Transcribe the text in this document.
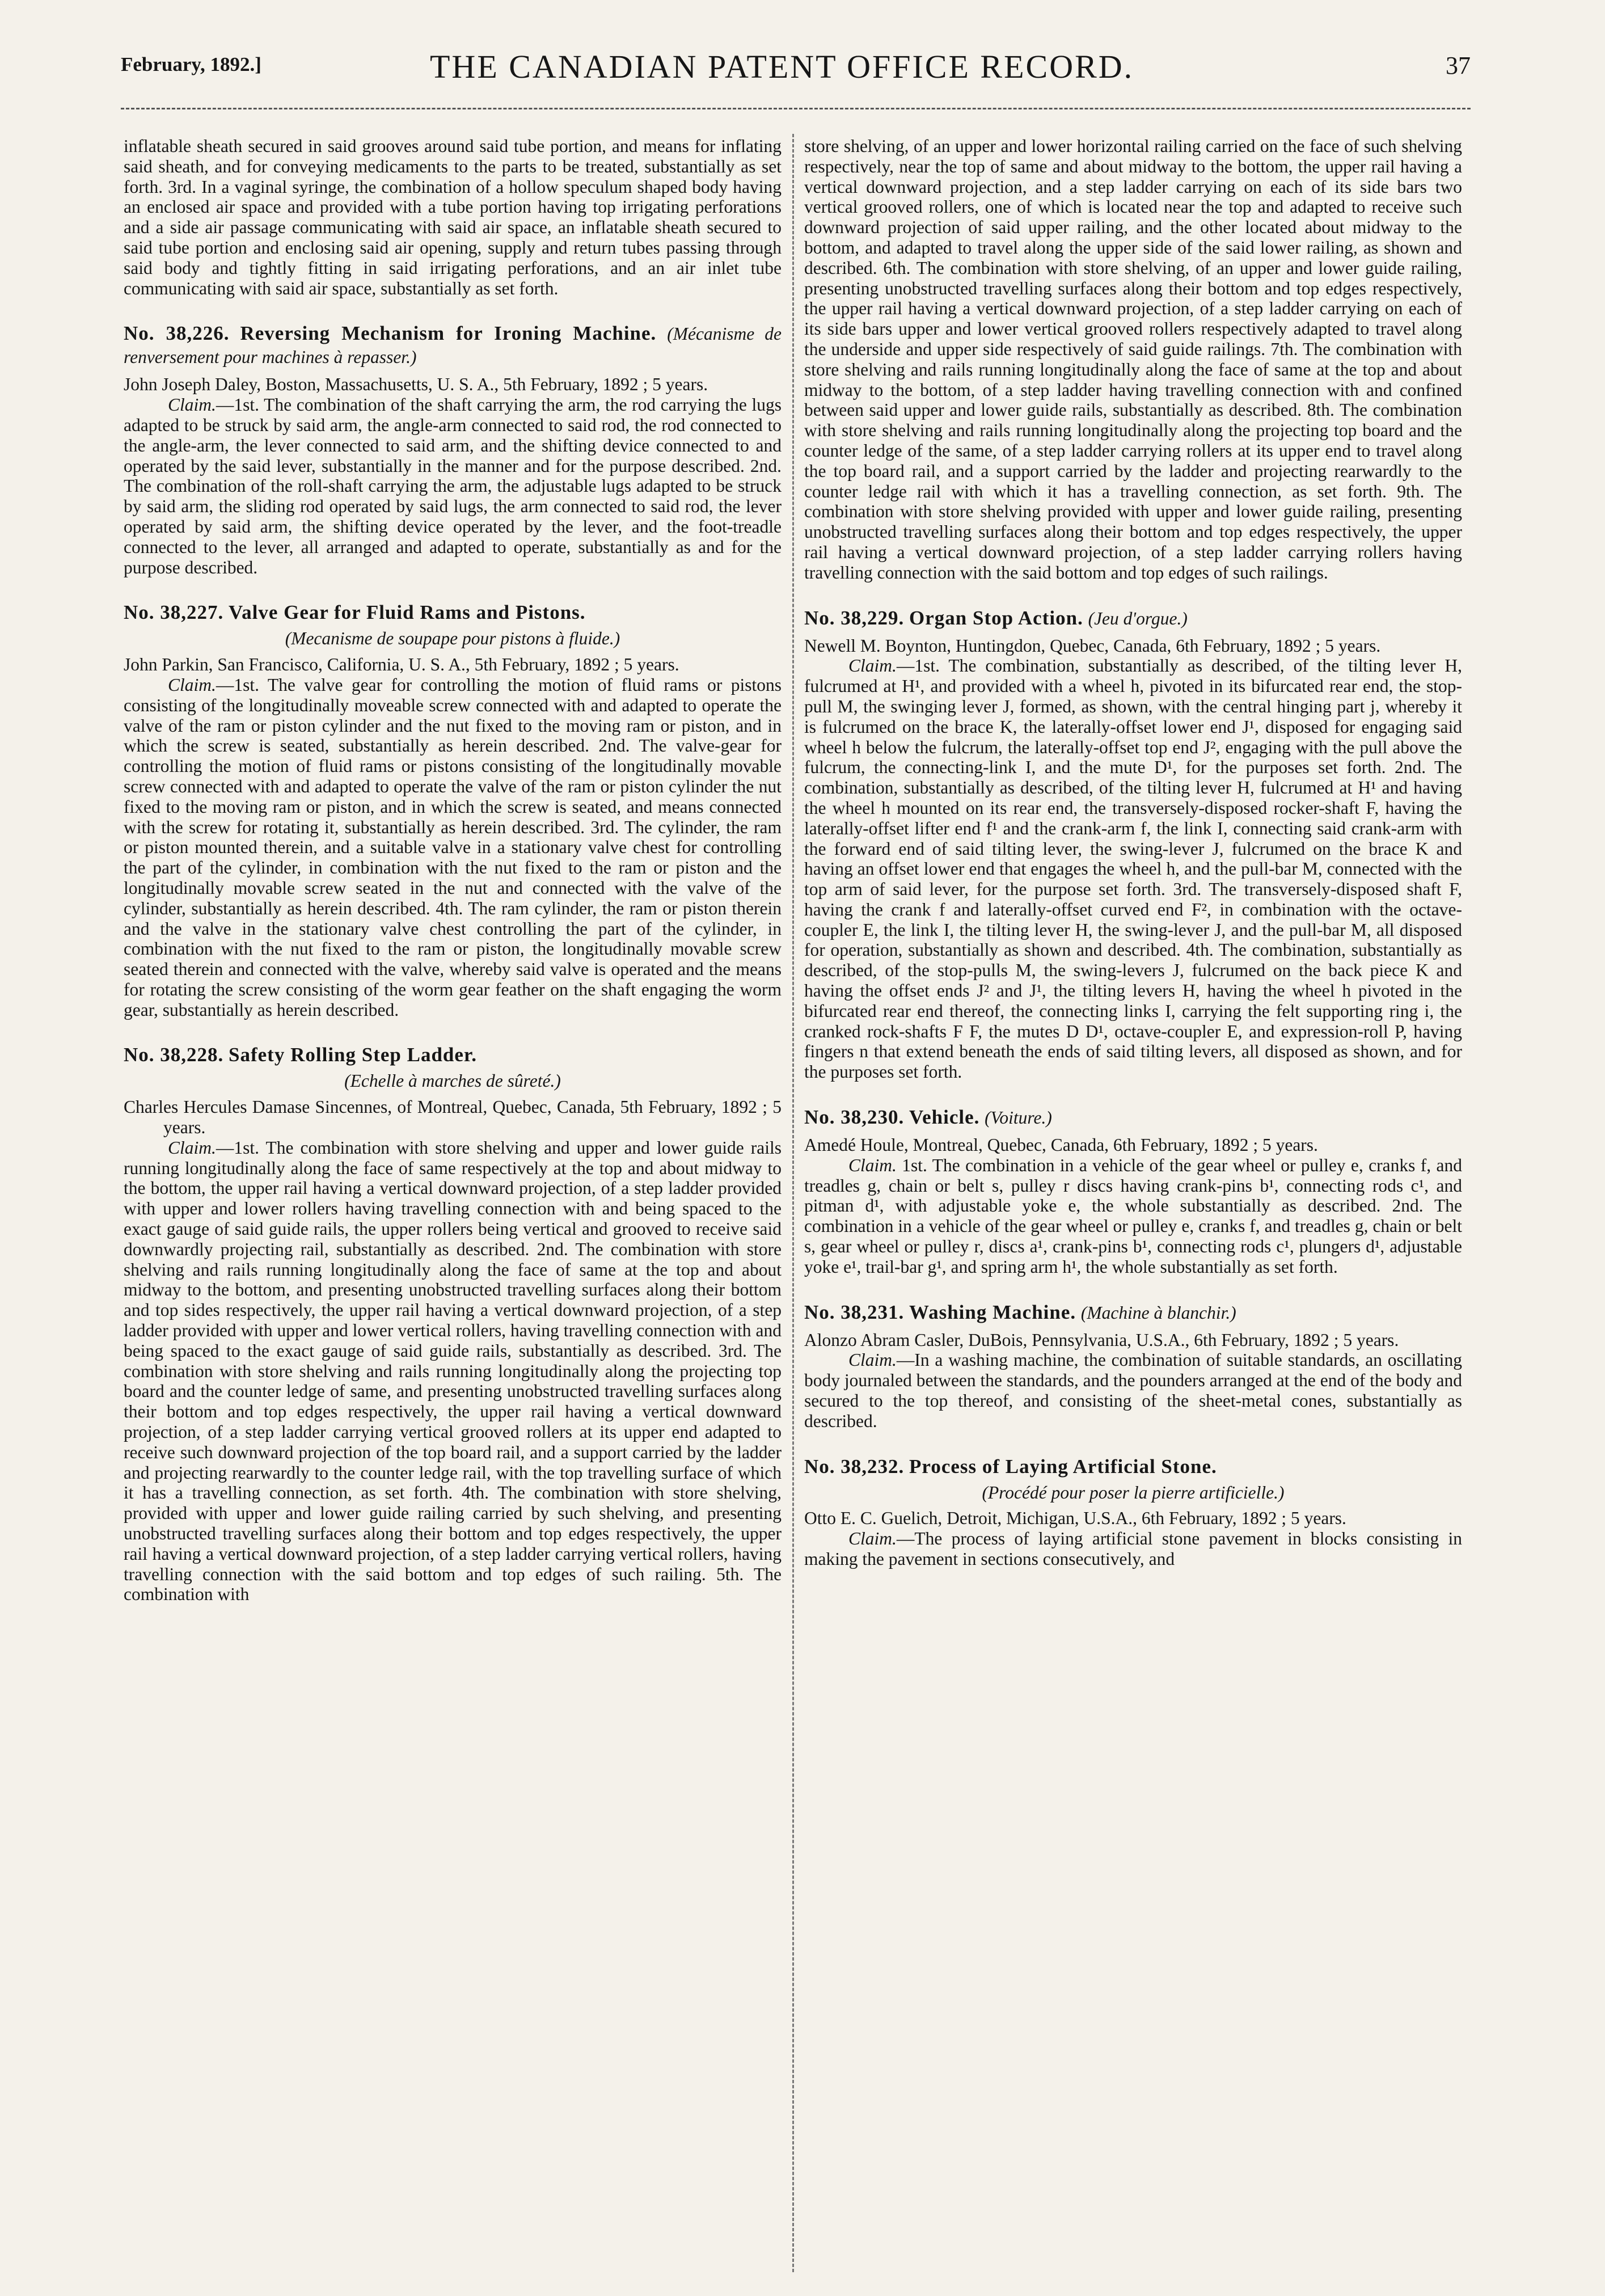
February, 1892.]	THE CANADIAN PATENT OFFICE RECORD.	37

inflatable sheath secured in said grooves around said tube portion, and means for inflating said sheath, and for conveying medicaments to the parts to be treated, substantially as set forth. 3rd. In a vaginal syringe, the combination of a hollow speculum shaped body having an enclosed air space and provided with a tube portion having top irrigating perforations and a side air passage communicating with said air space, an inflatable sheath secured to said tube portion and enclosing said air opening, supply and return tubes passing through said body and tightly fitting in said irrigating perforations, and an air inlet tube communicating with said air space, substantially as set forth.

No. 38,226. Reversing Mechanism for Ironing Machine. (Mécanisme de renversement pour machines à repasser.)

John Joseph Daley, Boston, Massachusetts, U. S. A., 5th February, 1892 ; 5 years.

Claim.—1st. The combination of the shaft carrying the arm, the rod carrying the lugs adapted to be struck by said arm, the angle-arm connected to said rod, the rod connected to the angle-arm, the lever connected to said arm, and the shifting device connected to and operated by the said lever, substantially in the manner and for the purpose described. 2nd. The combination of the roll-shaft carrying the arm, the adjustable lugs adapted to be struck by said arm, the sliding rod operated by said lugs, the arm connected to said rod, the lever operated by said arm, the shifting device operated by the lever, and the foot-treadle connected to the lever, all arranged and adapted to operate, substantially as and for the purpose described.

No. 38,227. Valve Gear for Fluid Rams and Pistons.

(Mecanisme de soupape pour pistons à fluide.)

John Parkin, San Francisco, California, U. S. A., 5th February, 1892 ; 5 years.

Claim.—1st. The valve gear for controlling the motion of fluid rams or pistons consisting of the longitudinally moveable screw connected with and adapted to operate the valve of the ram or piston cylinder and the nut fixed to the moving ram or piston, and in which the screw is seated, substantially as herein described. 2nd. The valve-gear for controlling the motion of fluid rams or pistons consisting of the longitudinally movable screw connected with and adapted to operate the valve of the ram or piston cylinder the nut fixed to the moving ram or piston, and in which the screw is seated, and means connected with the screw for rotating it, substantially as herein described. 3rd. The cylinder, the ram or piston mounted therein, and a suitable valve in a stationary valve chest for controlling the part of the cylinder, in combination with the nut fixed to the ram or piston and the longitudinally movable screw seated in the nut and connected with the valve of the cylinder, substantially as herein described. 4th. The ram cylinder, the ram or piston therein and the valve in the stationary valve chest controlling the part of the cylinder, in combination with the nut fixed to the ram or piston, the longitudinally movable screw seated therein and connected with the valve, whereby said valve is operated and the means for rotating the screw consisting of the worm gear feather on the shaft engaging the worm gear, substantially as herein described.

No. 38,228. Safety Rolling Step Ladder.

(Echelle à marches de sûreté.)

Charles Hercules Damase Sincennes, of Montreal, Quebec, Canada, 5th February, 1892 ; 5 years.

Claim.—1st. The combination with store shelving and upper and lower guide rails running longitudinally along the face of same respectively at the top and about midway to the bottom, the upper rail having a vertical downward projection, of a step ladder provided with upper and lower rollers having travelling connection with and being spaced to the exact gauge of said guide rails, the upper rollers being vertical and grooved to receive said downwardly projecting rail, substantially as described. 2nd. The combination with store shelving and rails running longitudinally along the face of same at the top and about midway to the bottom, and presenting unobstructed travelling surfaces along their bottom and top sides respectively, the upper rail having a vertical downward projection, of a step ladder provided with upper and lower vertical rollers, having travelling connection with and being spaced to the exact gauge of said guide rails, substantially as described. 3rd. The combination with store shelving and rails running longitudinally along the projecting top board and the counter ledge of same, and presenting unobstructed travelling surfaces along their bottom and top edges respectively, the upper rail having a vertical downward projection, of a step ladder carrying vertical grooved rollers at its upper end adapted to receive such downward projection of the top board rail, and a support carried by the ladder and projecting rearwardly to the counter ledge rail, with the top travelling surface of which it has a travelling connection, as set forth. 4th. The combination with store shelving, provided with upper and lower guide railing carried by such shelving, and presenting unobstructed travelling surfaces along their bottom and top edges respectively, the upper rail having a vertical downward projection, of a step ladder carrying vertical rollers, having travelling connection with the said bottom and top edges of such railing. 5th. The combination with

store shelving, of an upper and lower horizontal railing carried on the face of such shelving respectively, near the top of same and about midway to the bottom, the upper rail having a vertical downward projection, and a step ladder carrying on each of its side bars two vertical grooved rollers, one of which is located near the top and adapted to receive such downward projection of said upper railing, and the other located about midway to the bottom, and adapted to travel along the upper side of the said lower railing, as shown and described. 6th. The combination with store shelving, of an upper and lower guide railing, presenting unobstructed travelling surfaces along their bottom and top edges respectively, the upper rail having a vertical downward projection, of a step ladder carrying on each of its side bars upper and lower vertical grooved rollers respectively adapted to travel along the underside and upper side respectively of said guide railings. 7th. The combination with store shelving and rails running longitudinally along the face of same at the top and about midway to the bottom, of a step ladder having travelling connection with and confined between said upper and lower guide rails, substantially as described. 8th. The combination with store shelving and rails running longitudinally along the projecting top board and the counter ledge of the same, of a step ladder carrying rollers at its upper end to travel along the top board rail, and a support carried by the ladder and projecting rearwardly to the counter ledge rail with which it has a travelling connection, as set forth. 9th. The combination with store shelving provided with upper and lower guide railing, presenting unobstructed travelling surfaces along their bottom and top edges respectively, the upper rail having a vertical downward projection, of a step ladder carrying rollers having travelling connection with the said bottom and top edges of such railings.

No. 38,229. Organ Stop Action. (Jeu d'orgue.)

Newell M. Boynton, Huntingdon, Quebec, Canada, 6th February, 1892 ; 5 years.

Claim.—1st. The combination, substantially as described, of the tilting lever H, fulcrumed at H¹, and provided with a wheel h, pivoted in its bifurcated rear end, the stop-pull M, the swinging lever J, formed, as shown, with the central hinging part j, whereby it is fulcrumed on the brace K, the laterally-offset lower end J¹, disposed for engaging said wheel h below the fulcrum, the laterally-offset top end J², engaging with the pull above the fulcrum, the connecting-link I, and the mute D¹, for the purposes set forth. 2nd. The combination, substantially as described, of the tilting lever H, fulcrumed at H¹ and having the wheel h mounted on its rear end, the transversely-disposed rocker-shaft F, having the laterally-offset lifter end f¹ and the crank-arm f, the link I, connecting said crank-arm with the forward end of said tilting lever, the swing-lever J, fulcrumed on the brace K and having an offset lower end that engages the wheel h, and the pull-bar M, connected with the top arm of said lever, for the purpose set forth. 3rd. The transversely-disposed shaft F, having the crank f and laterally-offset curved end F², in combination with the octave-coupler E, the link I, the tilting lever H, the swing-lever J, and the pull-bar M, all disposed for operation, substantially as shown and described. 4th. The combination, substantially as described, of the stop-pulls M, the swing-levers J, fulcrumed on the back piece K and having the offset ends J² and J¹, the tilting levers H, having the wheel h pivoted in the bifurcated rear end thereof, the connecting links I, carrying the felt supporting ring i, the cranked rock-shafts F F, the mutes D D¹, octave-coupler E, and expression-roll P, having fingers n that extend beneath the ends of said tilting levers, all disposed as shown, and for the purposes set forth.

No. 38,230. Vehicle. (Voiture.)

Amedé Houle, Montreal, Quebec, Canada, 6th February, 1892 ; 5 years.

Claim. 1st. The combination in a vehicle of the gear wheel or pulley e, cranks f, and treadles g, chain or belt s, pulley r discs having crank-pins b¹, connecting rods c¹, and pitman d¹, with adjustable yoke e, the whole substantially as described. 2nd. The combination in a vehicle of the gear wheel or pulley e, cranks f, and treadles g, chain or belt s, gear wheel or pulley r, discs a¹, crank-pins b¹, connecting rods c¹, plungers d¹, adjustable yoke e¹, trail-bar g¹, and spring arm h¹, the whole substantially as set forth.

No. 38,231. Washing Machine. (Machine à blanchir.)

Alonzo Abram Casler, DuBois, Pennsylvania, U.S.A., 6th February, 1892 ; 5 years.

Claim.—In a washing machine, the combination of suitable standards, an oscillating body journaled between the standards, and the pounders arranged at the end of the body and secured to the top thereof, and consisting of the sheet-metal cones, substantially as described.

No. 38,232. Process of Laying Artificial Stone.

(Procédé pour poser la pierre artificielle.)

Otto E. C. Guelich, Detroit, Michigan, U.S.A., 6th February, 1892 ; 5 years.

Claim.—The process of laying artificial stone pavement in blocks consisting in making the pavement in sections consecutively, and
